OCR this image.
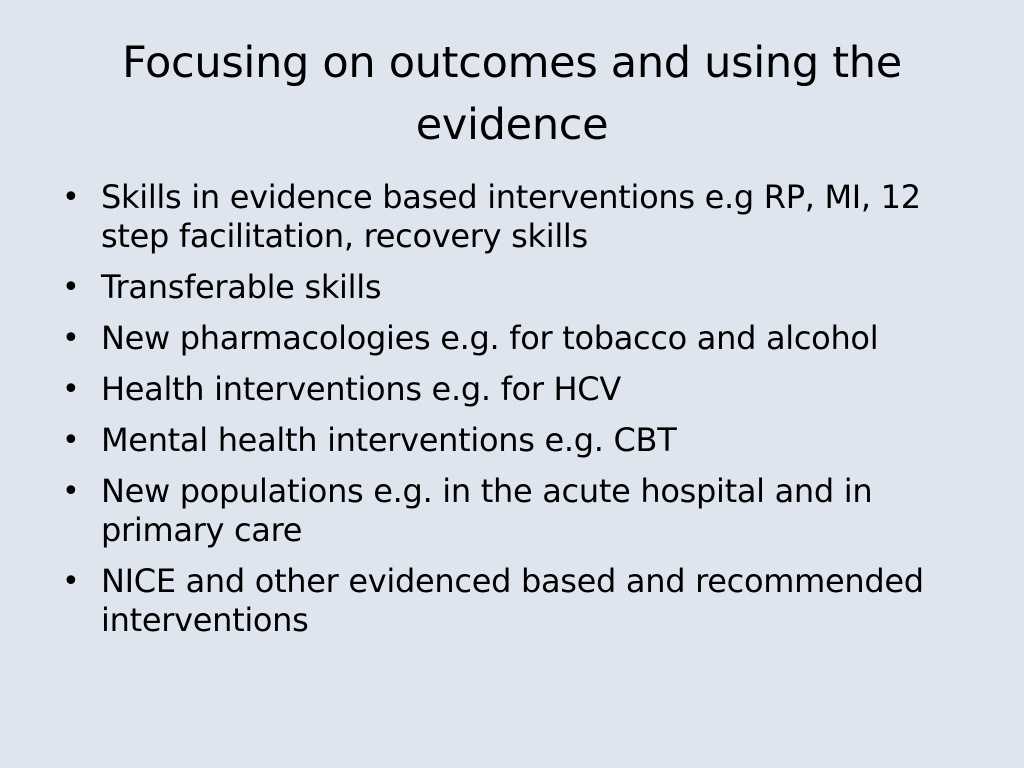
Focusing on outcomes and using the evidence
• Skills in evidence based interventions e.g RP, MI, 12 step facilitation, recovery skills
• Transferable skills
• New pharmacologies e.g. for tobacco and alcohol
• Health interventions e.g. for HCV
• Mental health interventions e.g. CBT
• New populations e.g. in the acute hospital and in primary care
• NICE and other evidenced based and recommended interventions
